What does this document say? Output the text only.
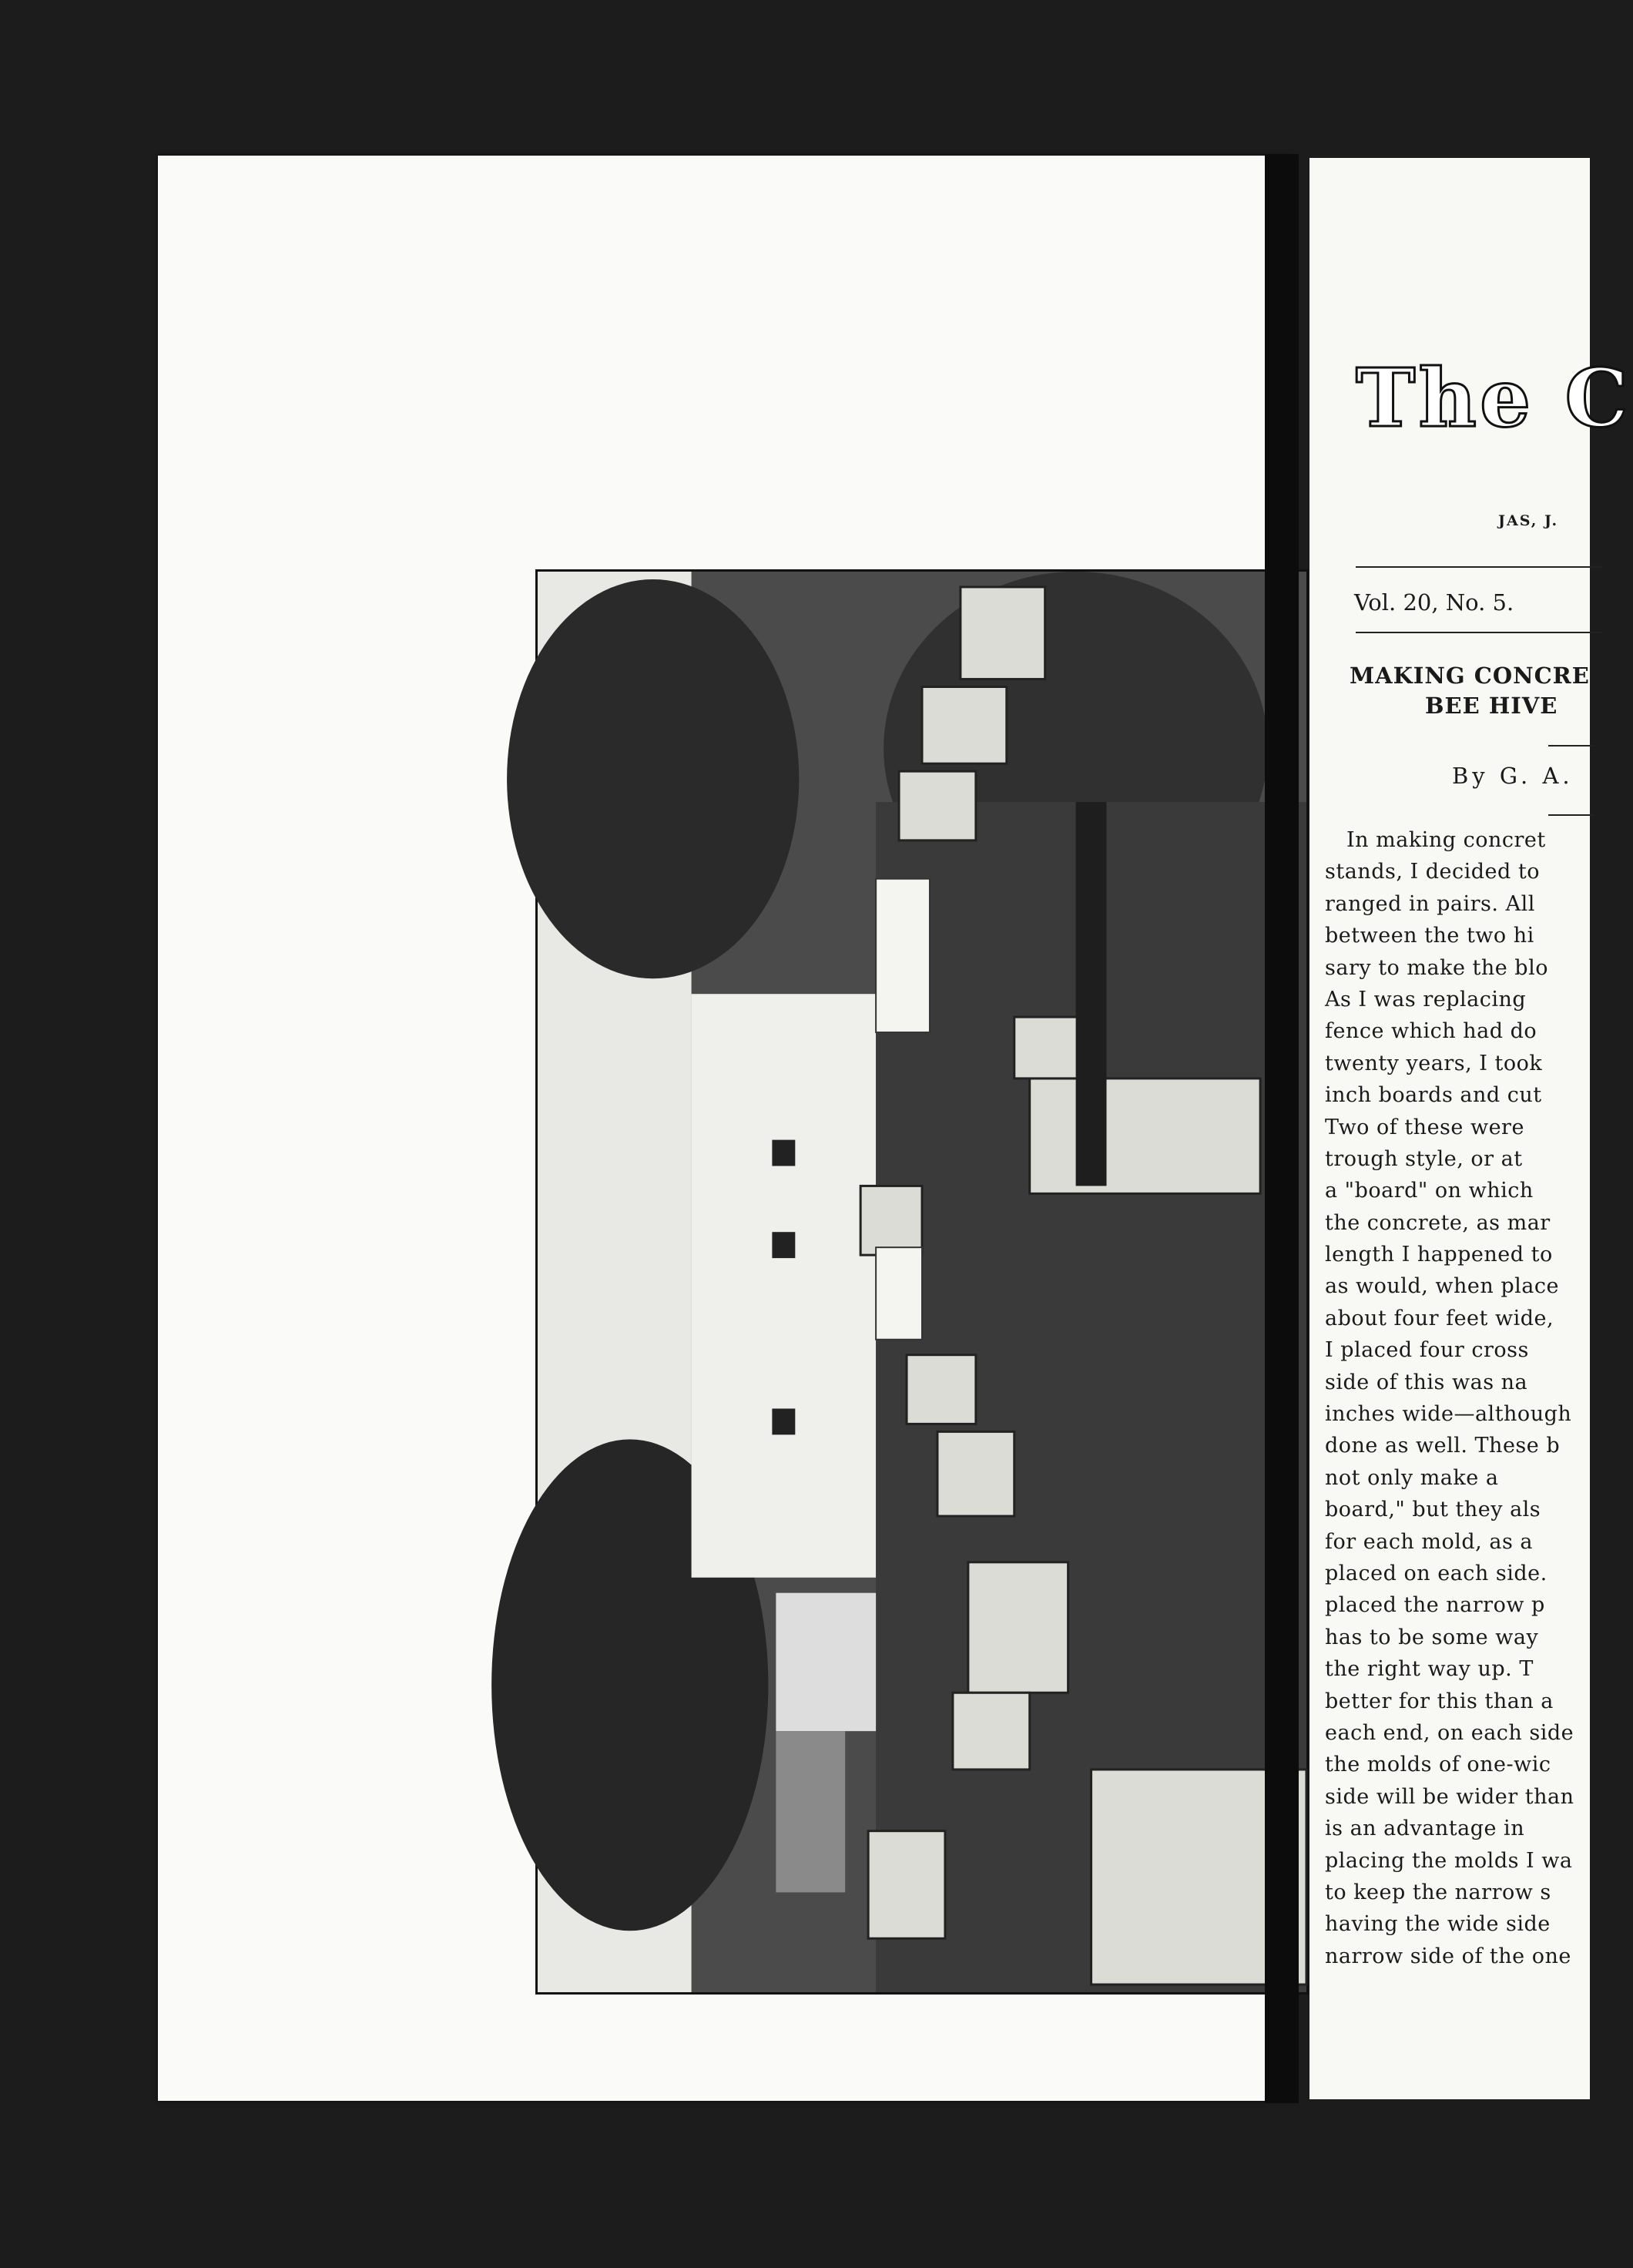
The C
JAS, J.
Vol. 20, No. 5.
MAKING CONCRE
BEE HIVE
By G. A.
In making concret
stands, I decided to
ranged in pairs. All
between the two hi
sary to make the blo
As I was replacing
fence which had do
twenty years, I took
inch boards and cut
Two of these were
trough style, or at
a "board" on which
the concrete, as mar
length I happened to
as would, when place
about four feet wide,
I placed four cross
side of this was na
inches wide—although
done as well. These b
not only make a
board," but they als
for each mold, as a
placed on each side.
placed the narrow p
has to be some way
the right way up. T
better for this than a
each end, on each side
the molds of one-wic
side will be wider than
is an advantage in
placing the molds I wa
to keep the narrow s
having the wide side
narrow side of the one
